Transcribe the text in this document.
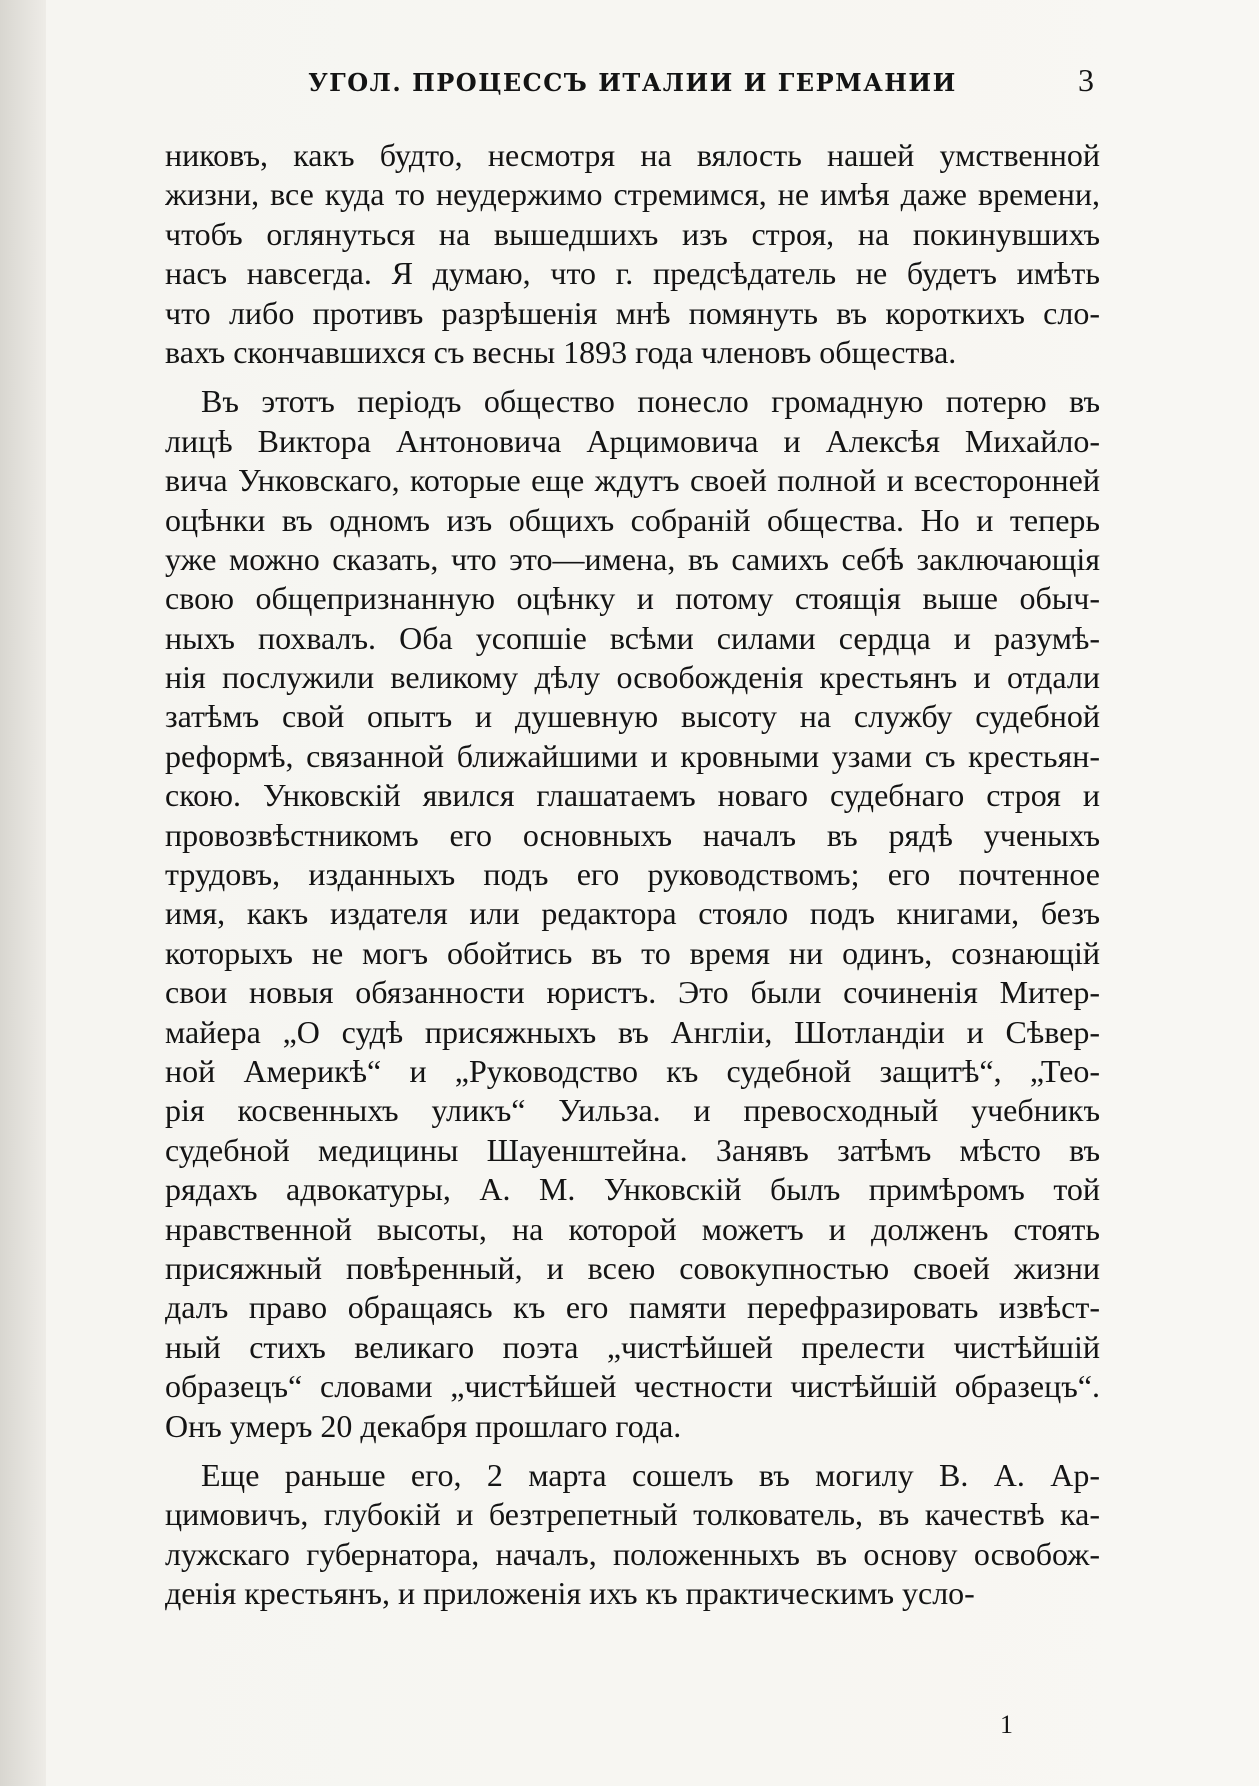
УГОЛ. ПРОЦЕССЪ ИТАЛИИ И ГЕРМАНИИ	3
никовъ, какъ будто, несмотря на вялость нашей умственной
жизни, все куда то неудержимо стремимся, не имѣя даже времени,
чтобъ оглянуться на вышедшихъ изъ строя, на покинувшихъ
насъ навсегда. Я думаю, что г. предсѣдатель не будетъ имѣть
что либо противъ разрѣшенія мнѣ помянуть въ короткихъ сло-
вахъ скончавшихся съ весны 1893 года членовъ общества.
Въ этотъ періодъ общество понесло громадную потерю въ
лицѣ Виктора Антоновича Арцимовича и Алексѣя Михайло-
вича Унковскаго, которые еще ждутъ своей полной и всесторонней
оцѣнки въ одномъ изъ общихъ собраній общества. Но и теперь
уже можно сказать, что это—имена, въ самихъ себѣ заключающія
свою общепризнанную оцѣнку и потому стоящія выше обыч-
ныхъ похвалъ. Оба усопшіе всѣми силами сердца и разумѣ-
нія послужили великому дѣлу освобожденія крестьянъ и отдали
затѣмъ свой опытъ и душевную высоту на службу судебной
реформѣ, связанной ближайшими и кровными узами съ крестьян-
скою. Унковскій явился глашатаемъ новаго судебнаго строя и
провозвѣстникомъ его основныхъ началъ въ рядѣ ученыхъ
трудовъ, изданныхъ подъ его руководствомъ; его почтенное
имя, какъ издателя или редактора стояло подъ книгами, безъ
которыхъ не могъ обойтись въ то время ни одинъ, сознающій
свои новыя обязанности юристъ. Это были сочиненія Митер-
майера „О судѣ присяжныхъ въ Англіи, Шотландіи и Сѣвер-
ной Америкѣ“ и „Руководство къ судебной защитѣ“, „Тео-
рія косвенныхъ уликъ“ Уильза. и превосходный учебникъ
судебной медицины Шауенштейна. Занявъ затѣмъ мѣсто въ
рядахъ адвокатуры, А. М. Унковскій былъ примѣромъ той
нравственной высоты, на которой можетъ и долженъ стоять
присяжный повѣренный, и всею совокупностью своей жизни
далъ право обращаясь къ его памяти перефразировать извѣст-
ный стихъ великаго поэта „чистѣйшей прелести чистѣйшій
образецъ“ словами „чистѣйшей честности чистѣйшій образецъ“.
Онъ умеръ 20 декабря прошлаго года.
Еще раньше его, 2 марта сошелъ въ могилу В. А. Ар-
цимовичъ, глубокій и безтрепетный толкователь, въ качествѣ ка-
лужскаго губернатора, началъ, положенныхъ въ основу освобож-
денія крестьянъ, и приложенія ихъ къ практическимъ усло-
1
